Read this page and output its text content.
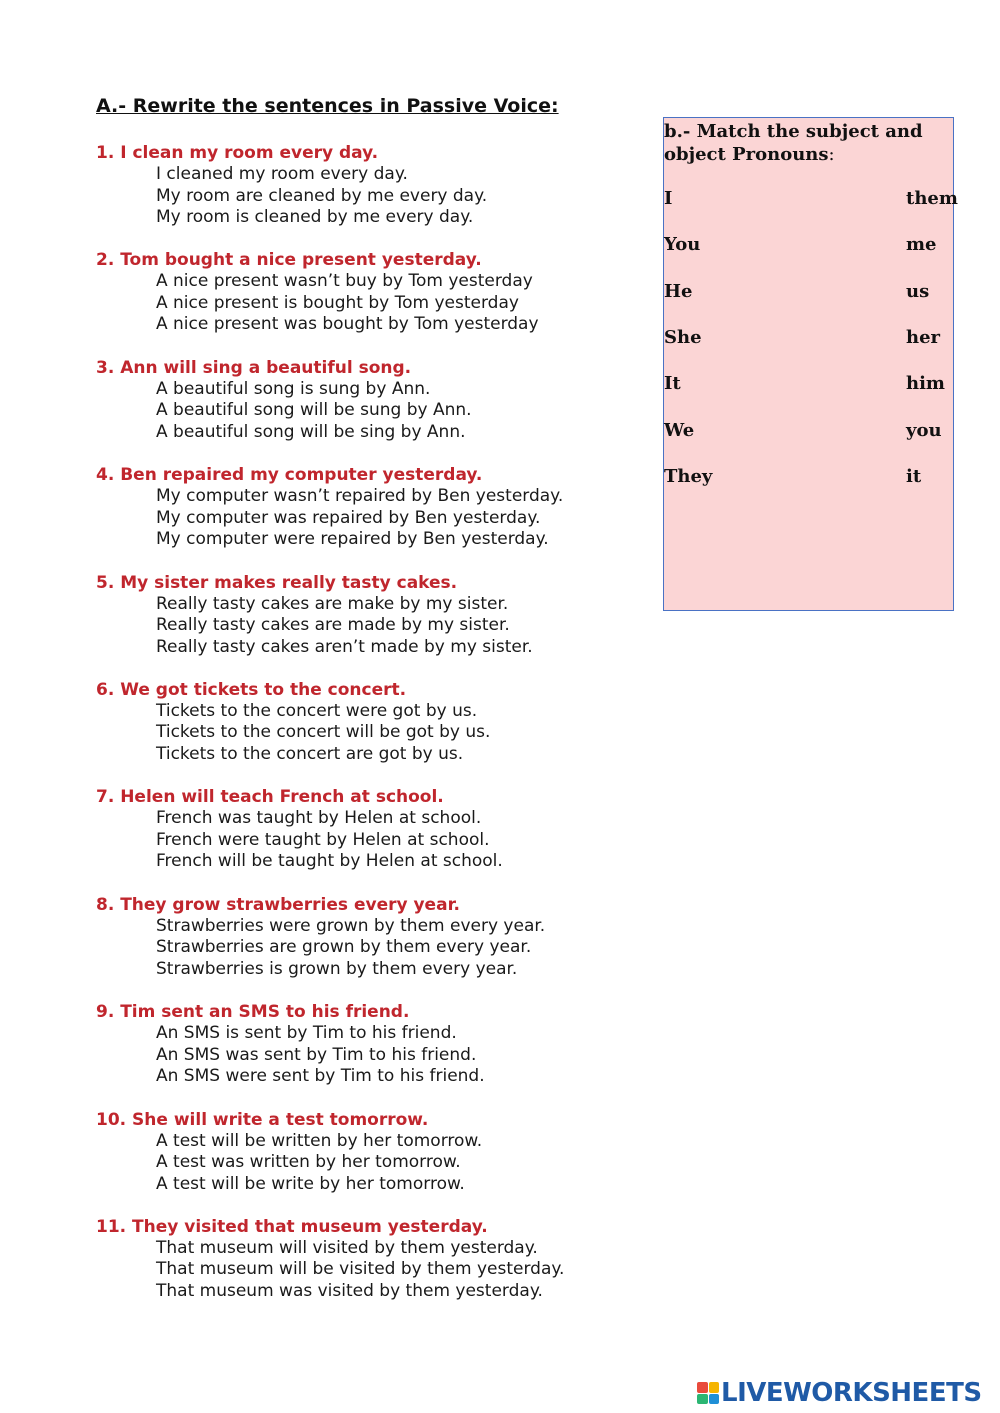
A.- Rewrite the sentences in Passive Voice:
1. I clean my room every day.
I cleaned my room every day.
My room are cleaned by me every day.
My room is cleaned by me every day.
2. Tom bought a nice present yesterday.
A nice present wasn’t buy by Tom yesterday
A nice present is bought by Tom yesterday
A nice present was bought by Tom yesterday
3. Ann will sing a beautiful song.
A beautiful song is sung by Ann.
A beautiful song will be sung by Ann.
A beautiful song will be sing by Ann.
4. Ben repaired my computer yesterday.
My computer wasn’t repaired by Ben yesterday.
My computer was repaired by Ben yesterday.
My computer were repaired by Ben yesterday.
5. My sister makes really tasty cakes.
Really tasty cakes are make by my sister.
Really tasty cakes are made by my sister.
Really tasty cakes aren’t made by my sister.
6. We got tickets to the concert.
Tickets to the concert were got by us.
Tickets to the concert will be got by us.
Tickets to the concert are got by us.
7. Helen will teach French at school.
French was taught by Helen at school.
French were taught by Helen at school.
French will be taught by Helen at school.
8. They grow strawberries every year.
Strawberries were grown by them every year.
Strawberries are grown by them every year.
Strawberries is grown by them every year.
9. Tim sent an SMS to his friend.
An SMS is sent by Tim to his friend.
An SMS was sent by Tim to his friend.
An SMS were sent by Tim to his friend.
10. She will write a test tomorrow.
A test will be written by her tomorrow.
A test was written by her tomorrow.
A test will be write by her tomorrow.
11. They visited that museum yesterday.
That museum will visited by them yesterday.
That museum will be visited by them yesterday.
That museum was visited by them yesterday.
b.- Match the subject and object Pronouns:
I	them
You	me
He	us
She	her
It	him
We	you
They	it
LIVEWORKSHEETS
